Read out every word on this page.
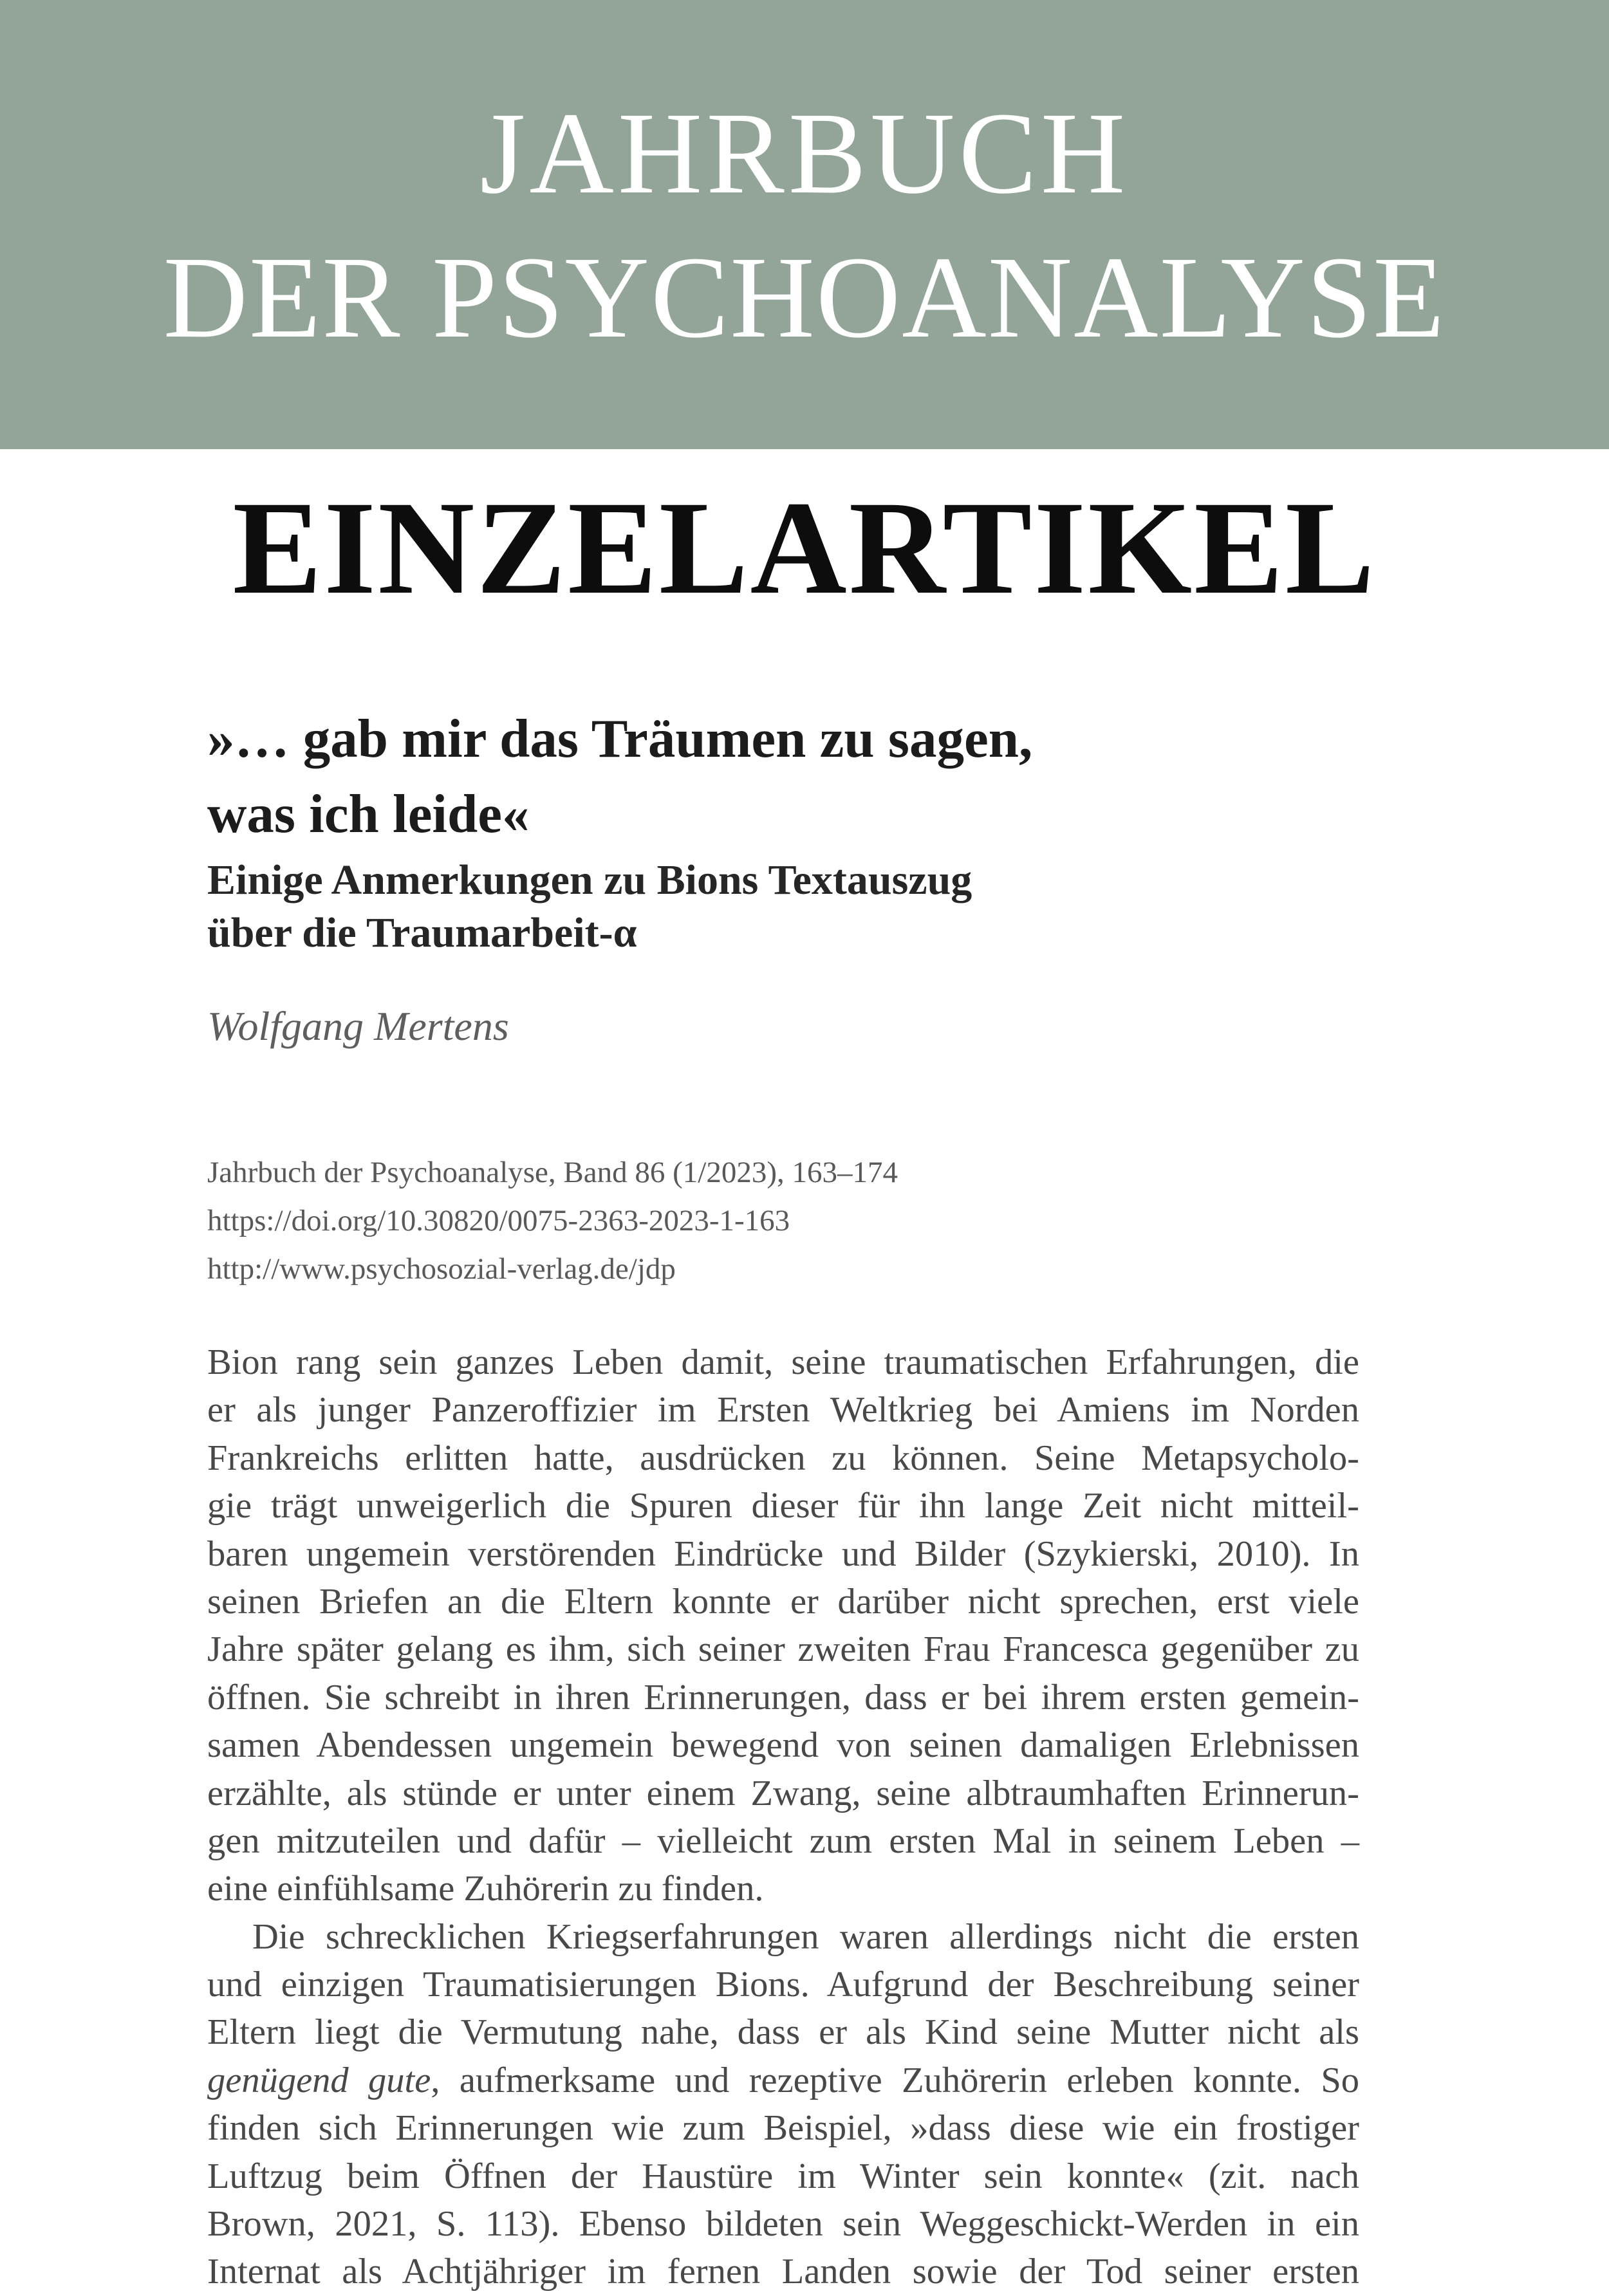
JAHRBUCH
DER PSYCHOANALYSE
EINZELARTIKEL
»… gab mir das Träumen zu sagen,
was ich leide«
Einige Anmerkungen zu Bions Textauszug
über die Traumarbeit-α
Wolfgang Mertens
Jahrbuch der Psychoanalyse, Band 86 (1/2023), 163–174
https://doi.org/10.30820/0075-2363-2023-1-163
http://www.psychosozial-verlag.de/jdp
Bion rang sein ganzes Leben damit, seine traumatischen Erfahrungen, die
er als junger Panzeroffizier im Ersten Weltkrieg bei Amiens im Norden
Frankreichs erlitten hatte, ausdrücken zu können. Seine Metapsycholo-
gie trägt unweigerlich die Spuren dieser für ihn lange Zeit nicht mitteil-
baren ungemein verstörenden Eindrücke und Bilder (Szykierski, 2010). In
seinen Briefen an die Eltern konnte er darüber nicht sprechen, erst viele
Jahre später gelang es ihm, sich seiner zweiten Frau Francesca gegenüber zu
öffnen. Sie schreibt in ihren Erinnerungen, dass er bei ihrem ersten gemein-
samen Abendessen ungemein bewegend von seinen damaligen Erlebnissen
erzählte, als stünde er unter einem Zwang, seine albtraumhaften Erinnerun-
gen mitzuteilen und dafür – vielleicht zum ersten Mal in seinem Leben –
eine einfühlsame Zuhörerin zu finden.
Die schrecklichen Kriegserfahrungen waren allerdings nicht die ersten
und einzigen Traumatisierungen Bions. Aufgrund der Beschreibung seiner
Eltern liegt die Vermutung nahe, dass er als Kind seine Mutter nicht als
genügend gute, aufmerksame und rezeptive Zuhörerin erleben konnte. So
finden sich Erinnerungen wie zum Beispiel, »dass diese wie ein frostiger
Luftzug beim Öffnen der Haustüre im Winter sein konnte« (zit. nach
Brown, 2021, S. 113). Ebenso bildeten sein Weggeschickt-Werden in ein
Internat als Achtjähriger im fernen Landen sowie der Tod seiner ersten
